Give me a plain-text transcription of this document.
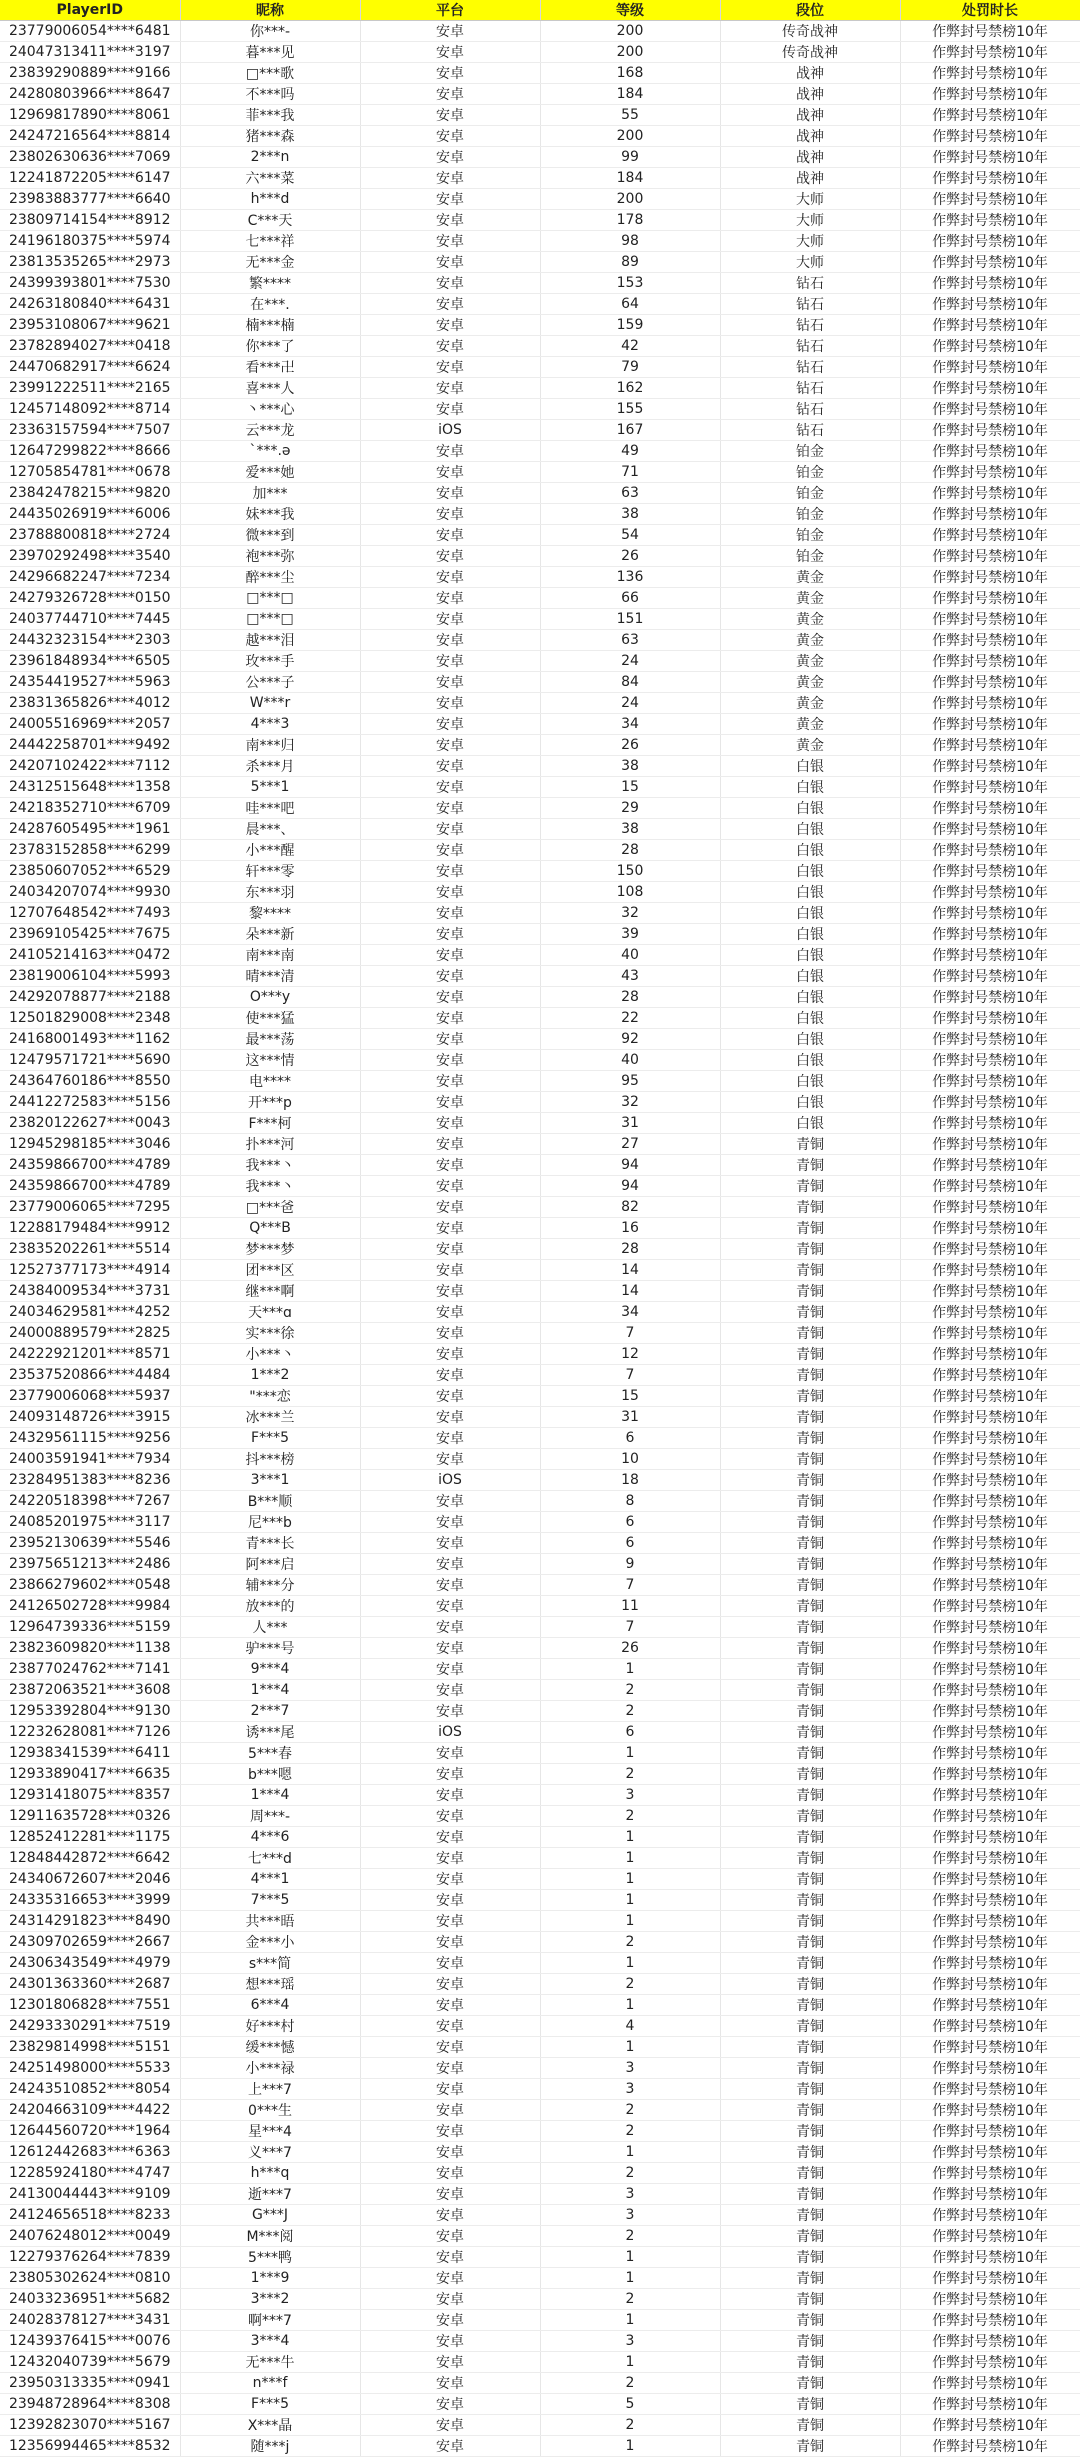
PlayerID	昵称	平台	等级	段位	处罚时长
23779006054****6481	你***-	安卓	200	传奇战神	作弊封号禁榜10年
24047313411****3197	暮***见	安卓	200	传奇战神	作弊封号禁榜10年
23839290889****9166	□***歌	安卓	168	战神	作弊封号禁榜10年
24280803966****8647	不***吗	安卓	184	战神	作弊封号禁榜10年
12969817890****8061	菲***我	安卓	55	战神	作弊封号禁榜10年
24247216564****8814	猪***森	安卓	200	战神	作弊封号禁榜10年
23802630636****7069	2***n	安卓	99	战神	作弊封号禁榜10年
12241872205****6147	六***菜	安卓	184	战神	作弊封号禁榜10年
23983883777****6640	h***d	安卓	200	大师	作弊封号禁榜10年
23809714154****8912	C***天	安卓	178	大师	作弊封号禁榜10年
24196180375****5974	七***祥	安卓	98	大师	作弊封号禁榜10年
23813535265****2973	无***金	安卓	89	大师	作弊封号禁榜10年
24399393801****7530	繁****	安卓	153	钻石	作弊封号禁榜10年
24263180840****6431	在***.	安卓	64	钻石	作弊封号禁榜10年
23953108067****9621	楠***楠	安卓	159	钻石	作弊封号禁榜10年
23782894027****0418	你***了	安卓	42	钻石	作弊封号禁榜10年
24470682917****6624	看***卍	安卓	79	钻石	作弊封号禁榜10年
23991222511****2165	喜***人	安卓	162	钻石	作弊封号禁榜10年
12457148092****8714	丶***心	安卓	155	钻石	作弊封号禁榜10年
23363157594****7507	云***龙	iOS	167	钻石	作弊封号禁榜10年
12647299822****8666	`***.ə	安卓	49	铂金	作弊封号禁榜10年
12705854781****0678	爱***她	安卓	71	铂金	作弊封号禁榜10年
23842478215****9820	加***	安卓	63	铂金	作弊封号禁榜10年
24435026919****6006	妹***我	安卓	38	铂金	作弊封号禁榜10年
23788800818****2724	微***到	安卓	54	铂金	作弊封号禁榜10年
23970292498****3540	袍***弥	安卓	26	铂金	作弊封号禁榜10年
24296682247****7234	醉***尘	安卓	136	黄金	作弊封号禁榜10年
24279326728****0150	□***□	安卓	66	黄金	作弊封号禁榜10年
24037744710****7445	□***□	安卓	151	黄金	作弊封号禁榜10年
24432323154****2303	越***泪	安卓	63	黄金	作弊封号禁榜10年
23961848934****6505	玫***手	安卓	24	黄金	作弊封号禁榜10年
24354419527****5963	公***子	安卓	84	黄金	作弊封号禁榜10年
23831365826****4012	W***r	安卓	24	黄金	作弊封号禁榜10年
24005516969****2057	4***3	安卓	34	黄金	作弊封号禁榜10年
24442258701****9492	南***归	安卓	26	黄金	作弊封号禁榜10年
24207102422****7112	杀***月	安卓	38	白银	作弊封号禁榜10年
24312515648****1358	5***1	安卓	15	白银	作弊封号禁榜10年
24218352710****6709	哇***吧	安卓	29	白银	作弊封号禁榜10年
24287605495****1961	晨***、	安卓	38	白银	作弊封号禁榜10年
23783152858****6299	小***醒	安卓	28	白银	作弊封号禁榜10年
23850607052****6529	轩***零	安卓	150	白银	作弊封号禁榜10年
24034207074****9930	东***羽	安卓	108	白银	作弊封号禁榜10年
12707648542****7493	黎****	安卓	32	白银	作弊封号禁榜10年
23969105425****7675	朵***新	安卓	39	白银	作弊封号禁榜10年
24105214163****0472	南***南	安卓	40	白银	作弊封号禁榜10年
23819006104****5993	晴***清	安卓	43	白银	作弊封号禁榜10年
24292078877****2188	O***y	安卓	28	白银	作弊封号禁榜10年
12501829008****2348	使***猛	安卓	22	白银	作弊封号禁榜10年
24168001493****1162	最***荡	安卓	92	白银	作弊封号禁榜10年
12479571721****5690	这***情	安卓	40	白银	作弊封号禁榜10年
24364760186****8550	电****	安卓	95	白银	作弊封号禁榜10年
24412272583****5156	开***p	安卓	32	白银	作弊封号禁榜10年
23820122627****0043	F***柯	安卓	31	白银	作弊封号禁榜10年
12945298185****3046	扑***河	安卓	27	青铜	作弊封号禁榜10年
24359866700****4789	我***丶	安卓	94	青铜	作弊封号禁榜10年
24359866700****4789	我***丶	安卓	94	青铜	作弊封号禁榜10年
23779006065****7295	□***爸	安卓	82	青铜	作弊封号禁榜10年
12288179484****9912	Q***B	安卓	16	青铜	作弊封号禁榜10年
23835202261****5514	梦***梦	安卓	28	青铜	作弊封号禁榜10年
12527377173****4914	团***区	安卓	14	青铜	作弊封号禁榜10年
24384009534****3731	继***啊	安卓	14	青铜	作弊封号禁榜10年
24034629581****4252	天***ɑ	安卓	34	青铜	作弊封号禁榜10年
24000889579****2825	实***徐	安卓	7	青铜	作弊封号禁榜10年
24222921201****8571	小***丶	安卓	12	青铜	作弊封号禁榜10年
23537520866****4484	1***2	安卓	7	青铜	作弊封号禁榜10年
23779006068****5937	"***恋	安卓	15	青铜	作弊封号禁榜10年
24093148726****3915	冰***兰	安卓	31	青铜	作弊封号禁榜10年
24329561115****9256	F***5	安卓	6	青铜	作弊封号禁榜10年
24003591941****7934	抖***榜	安卓	10	青铜	作弊封号禁榜10年
23284951383****8236	3***1	iOS	18	青铜	作弊封号禁榜10年
24220518398****7267	B***顺	安卓	8	青铜	作弊封号禁榜10年
24085201975****3117	尼***b	安卓	6	青铜	作弊封号禁榜10年
23952130639****5546	青***长	安卓	6	青铜	作弊封号禁榜10年
23975651213****2486	阿***启	安卓	9	青铜	作弊封号禁榜10年
23866279602****0548	辅***分	安卓	7	青铜	作弊封号禁榜10年
24126502728****9984	放***的	安卓	11	青铜	作弊封号禁榜10年
12964739336****5159	人***	安卓	7	青铜	作弊封号禁榜10年
23823609820****1138	驴***号	安卓	26	青铜	作弊封号禁榜10年
23877024762****7141	9***4	安卓	1	青铜	作弊封号禁榜10年
23872063521****3608	1***4	安卓	2	青铜	作弊封号禁榜10年
12953392804****9130	2***7	安卓	2	青铜	作弊封号禁榜10年
12232628081****7126	诱***尾	iOS	6	青铜	作弊封号禁榜10年
12938341539****6411	5***春	安卓	1	青铜	作弊封号禁榜10年
12933890417****6635	b***嗯	安卓	2	青铜	作弊封号禁榜10年
12931418075****8357	1***4	安卓	3	青铜	作弊封号禁榜10年
12911635728****0326	周***-	安卓	2	青铜	作弊封号禁榜10年
12852412281****1175	4***6	安卓	1	青铜	作弊封号禁榜10年
12848442872****6642	七***d	安卓	1	青铜	作弊封号禁榜10年
24340672607****2046	4***1	安卓	1	青铜	作弊封号禁榜10年
24335316653****3999	7***5	安卓	1	青铜	作弊封号禁榜10年
24314291823****8490	共***晤	安卓	1	青铜	作弊封号禁榜10年
24309702659****2667	金***小	安卓	2	青铜	作弊封号禁榜10年
24306343549****4979	s***简	安卓	1	青铜	作弊封号禁榜10年
24301363360****2687	想***瑶	安卓	2	青铜	作弊封号禁榜10年
12301806828****7551	6***4	安卓	1	青铜	作弊封号禁榜10年
24293330291****7519	好***村	安卓	4	青铜	作弊封号禁榜10年
23829814998****5151	缓***憾	安卓	1	青铜	作弊封号禁榜10年
24251498000****5533	小***禄	安卓	3	青铜	作弊封号禁榜10年
24243510852****8054	上***7	安卓	3	青铜	作弊封号禁榜10年
24204663109****4422	0***生	安卓	2	青铜	作弊封号禁榜10年
12644560720****1964	星***4	安卓	2	青铜	作弊封号禁榜10年
12612442683****6363	义***7	安卓	1	青铜	作弊封号禁榜10年
12285924180****4747	h***q	安卓	2	青铜	作弊封号禁榜10年
24130044443****9109	逝***7	安卓	3	青铜	作弊封号禁榜10年
24124656518****8233	G***J	安卓	3	青铜	作弊封号禁榜10年
24076248012****0049	M***阅	安卓	2	青铜	作弊封号禁榜10年
12279376264****7839	5***鸭	安卓	1	青铜	作弊封号禁榜10年
23805302624****0810	1***9	安卓	1	青铜	作弊封号禁榜10年
24033236951****5682	3***2	安卓	2	青铜	作弊封号禁榜10年
24028378127****3431	啊***7	安卓	1	青铜	作弊封号禁榜10年
12439376415****0076	3***4	安卓	3	青铜	作弊封号禁榜10年
12432040739****5679	无***牛	安卓	1	青铜	作弊封号禁榜10年
23950313335****0941	n***f	安卓	2	青铜	作弊封号禁榜10年
23948728964****8308	F***5	安卓	5	青铜	作弊封号禁榜10年
12392823070****5167	X***晶	安卓	2	青铜	作弊封号禁榜10年
12356994465****8532	随***j	安卓	1	青铜	作弊封号禁榜10年
